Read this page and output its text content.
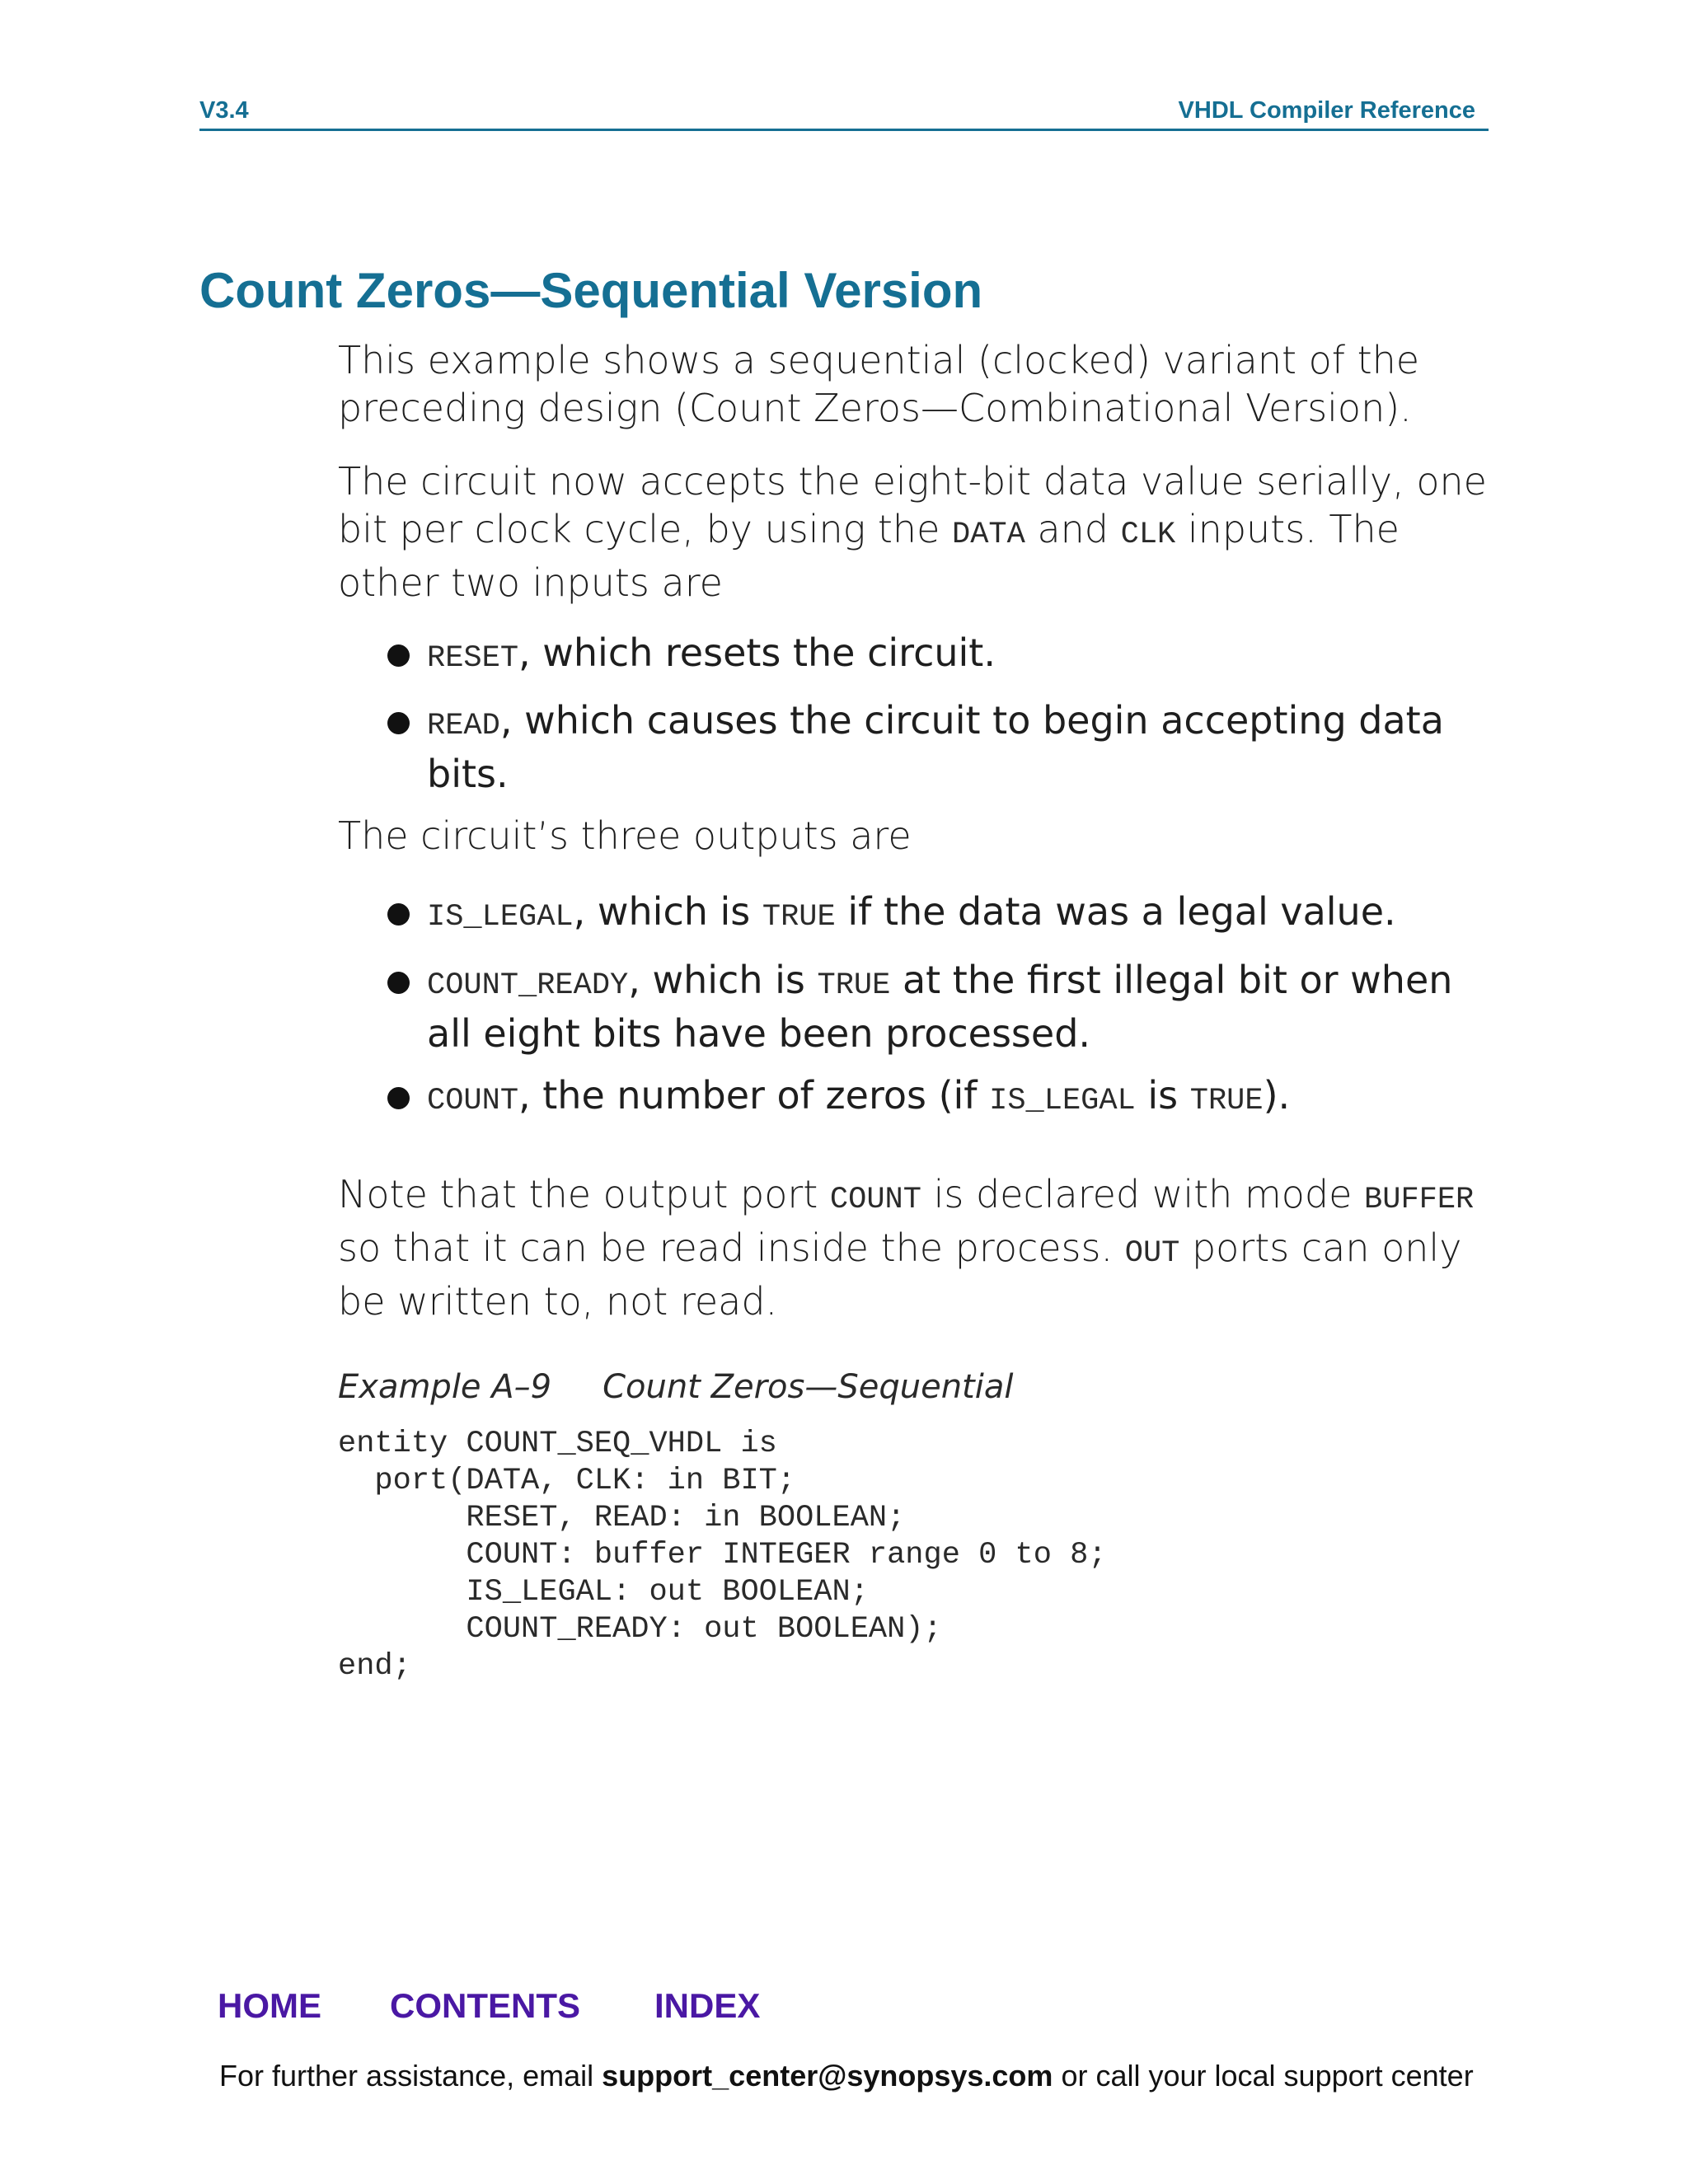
V3.4	VHDL Compiler Reference
Count Zeros—Sequential Version

This example shows a sequential (clocked) variant of the preceding design (Count Zeros—Combinational Version).

The circuit now accepts the eight-bit data value serially, one bit per clock cycle, by using the DATA and CLK inputs. The other two inputs are

RESET, which resets the circuit.
READ, which causes the circuit to begin accepting data bits.

The circuit’s three outputs are

IS_LEGAL, which is TRUE if the data was a legal value.
COUNT_READY, which is TRUE at the first illegal bit or when all eight bits have been processed.
COUNT, the number of zeros (if IS_LEGAL is TRUE).

Note that the output port COUNT is declared with mode BUFFER so that it can be read inside the process. OUT ports can only be written to, not read.

Example A–9 Count Zeros—Sequential
entity COUNT_SEQ_VHDL is
port(DATA, CLK: in BIT;
RESET, READ: in BOOLEAN;
COUNT: buffer INTEGER range 0 to 8;
IS_LEGAL: out BOOLEAN;
COUNT_READY: out BOOLEAN);
end;
HOME CONTENTS INDEX
For further assistance, email support_center@synopsys.com or call your local support center
